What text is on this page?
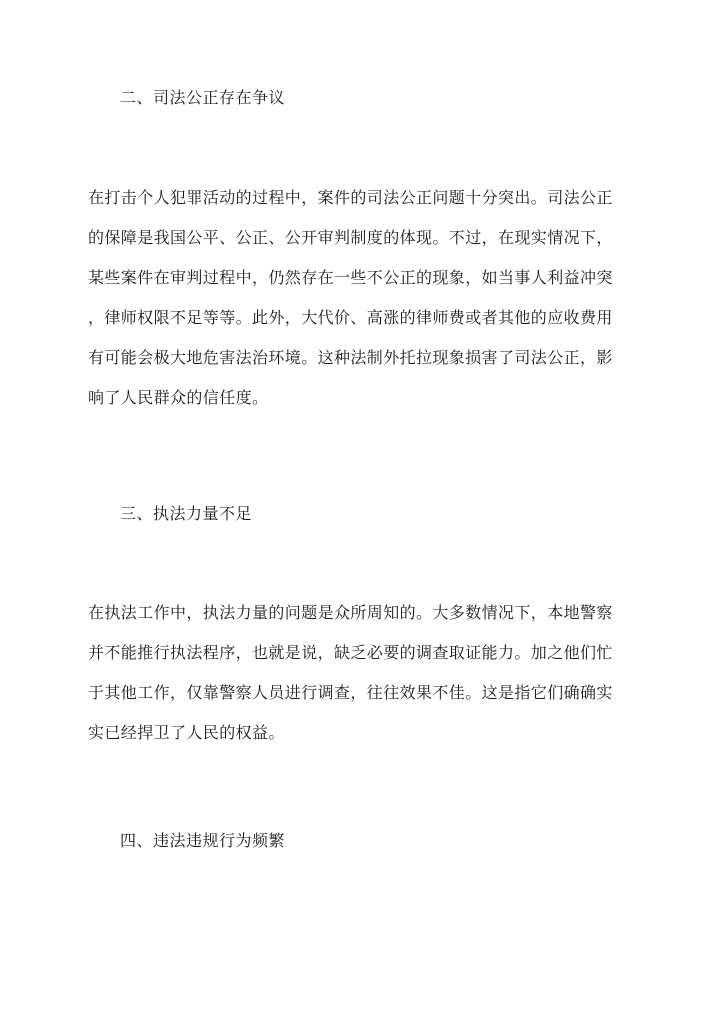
二、司法公正存在争议
在打击个人犯罪活动的过程中，案件的司法公正问题十分突出。司法公正
的保障是我国公平、公正、公开审判制度的体现。不过，在现实情况下，
某些案件在审判过程中，仍然存在一些不公正的现象，如当事人利益冲突
，律师权限不足等等。此外，大代价、高涨的律师费或者其他的应收费用
有可能会极大地危害法治环境。这种法制外托拉现象损害了司法公正，影
响了人民群众的信任度。
三、执法力量不足
在执法工作中，执法力量的问题是众所周知的。大多数情况下，本地警察
并不能推行执法程序，也就是说，缺乏必要的调查取证能力。加之他们忙
于其他工作，仅靠警察人员进行调查，往往效果不佳。这是指它们确确实
实已经捍卫了人民的权益。
四、违法违规行为频繁
